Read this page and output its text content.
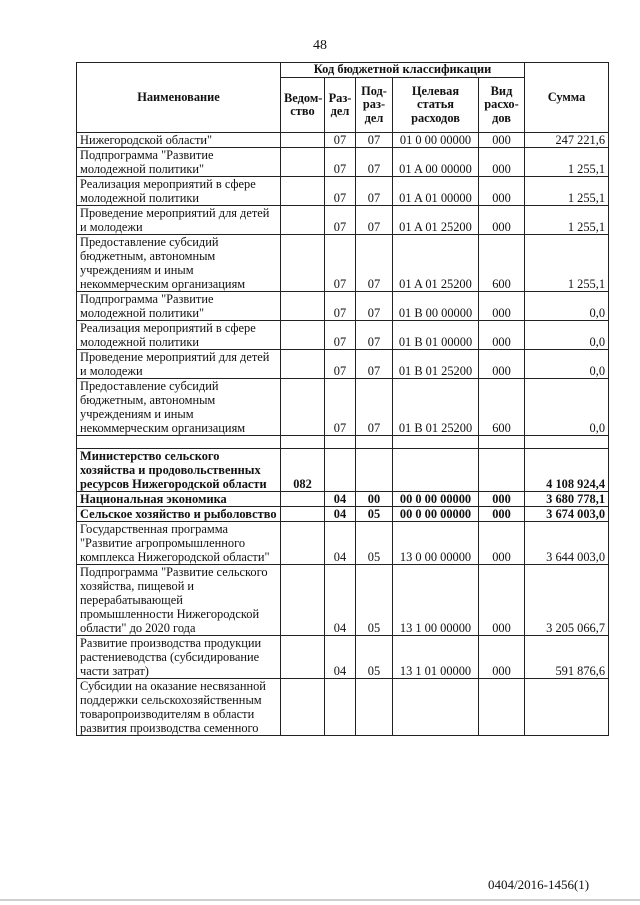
48
Наименование	Код бюджетной классификации					Сумма
	Ведом-ство	Раз-дел	Под-раз-дел	Целевая статья расходов	Вид расхо-дов	
Нижегородской области"		07	07	01 0 00 00000	000	247 221,6
Подпрограмма "Развитие молодежной политики"		07	07	01 A 00 00000	000	1 255,1
Реализация мероприятий в сфере молодежной политики		07	07	01 A 01 00000	000	1 255,1
Проведение мероприятий для детей и молодежи		07	07	01 A 01 25200	000	1 255,1
Предоставление субсидий бюджетным, автономным учреждениям и иным некоммерческим организациям		07	07	01 A 01 25200	600	1 255,1
Подпрограмма "Развитие молодежной политики"		07	07	01 B 00 00000	000	0,0
Реализация мероприятий в сфере молодежной политики		07	07	01 B 01 00000	000	0,0
Проведение мероприятий для детей и молодежи		07	07	01 B 01 25200	000	0,0
Предоставление субсидий бюджетным, автономным учреждениям и иным некоммерческим организациям		07	07	01 B 01 25200	600	0,0

Министерство сельского хозяйства и продовольственных ресурсов Нижегородской области	082					4 108 924,4
Национальная экономика		04	00	00 0 00 00000	000	3 680 778,1
Сельское хозяйство и рыболовство		04	05	00 0 00 00000	000	3 674 003,0
Государственная программа "Развитие агропромышленного комплекса Нижегородской области"		04	05	13 0 00 00000	000	3 644 003,0
Подпрограмма "Развитие сельского хозяйства, пищевой и перерабатывающей промышленности Нижегородской области" до 2020 года		04	05	13 1 00 00000	000	3 205 066,7
Развитие производства продукции растениеводства (субсидирование части затрат)		04	05	13 1 01 00000	000	591 876,6
Субсидии на оказание несвязанной поддержки сельскохозяйственным товаропроизводителям в области развития производства семенного						
0404/2016-1456(1)
